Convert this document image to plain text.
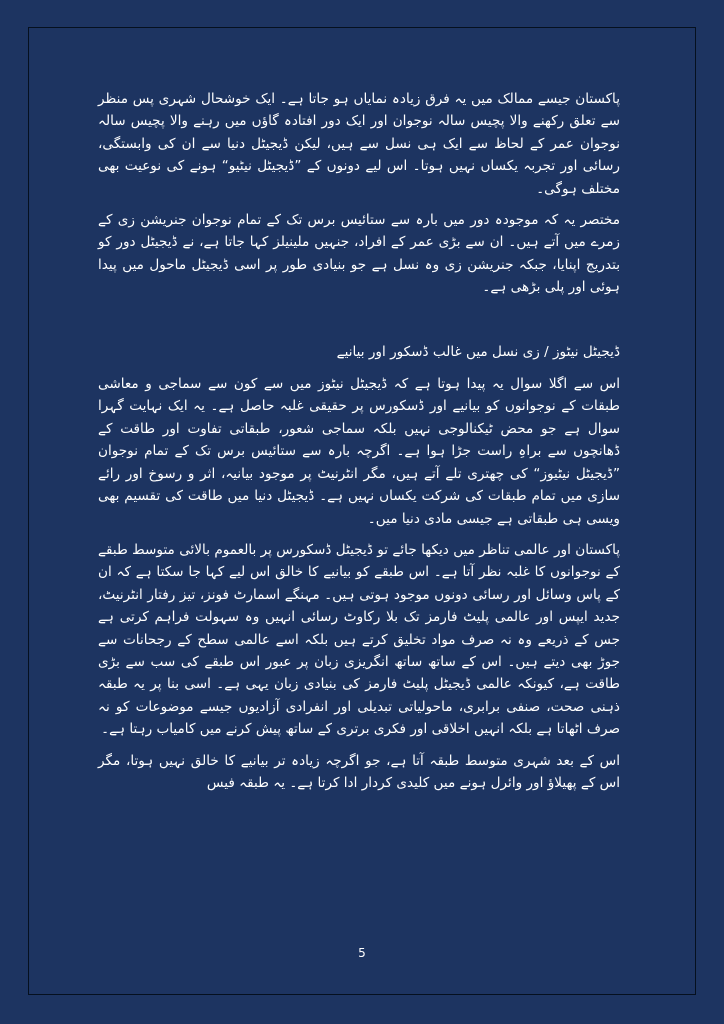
پاکستان جیسے ممالک میں یہ فرق زیادہ نمایاں ہو جاتا ہے۔ ایک خوشحال شہری پس منظر سے تعلق رکھنے والا پچیس سالہ نوجوان اور ایک دور افتادہ گاؤں میں رہنے والا پچیس سالہ نوجوان عمر کے لحاظ سے ایک ہی نسل سے ہیں، لیکن ڈیجیٹل دنیا سے ان کی وابستگی، رسائی اور تجربہ یکساں نہیں ہوتا۔ اس لیے دونوں کے ”ڈیجیٹل نیٹیو“ ہونے کی نوعیت بھی مختلف ہوگی۔

مختصر یہ کہ موجودہ دور میں بارہ سے ستائیس برس تک کے تمام نوجوان جنریشن زی کے زمرے میں آتے ہیں۔ ان سے بڑی عمر کے افراد، جنہیں ملینیلز کہا جاتا ہے، نے ڈیجیٹل دور کو بتدریج اپنایا، جبکہ جنریشن زی وہ نسل ہے جو بنیادی طور پر اسی ڈیجیٹل ماحول میں پیدا ہوئی اور پلی بڑھی ہے۔

ڈیجیٹل نیٹوز / زی نسل میں غالب ڈسکور اور بیانیے

اس سے اگلا سوال یہ پیدا ہوتا ہے کہ ڈیجیٹل نیٹوز میں سے کون سے سماجی و معاشی طبقات کے نوجوانوں کو بیانیے اور ڈسکورس پر حقیقی غلبہ حاصل ہے۔ یہ ایک نہایت گہرا سوال ہے جو محض ٹیکنالوجی نہیں بلکہ سماجی شعور، طبقاتی تفاوت اور طاقت کے ڈھانچوں سے براہِ راست جڑا ہوا ہے۔ اگرچہ بارہ سے ستائیس برس تک کے تمام نوجوان ”ڈیجیٹل نیٹیوز“ کی چھتری تلے آتے ہیں، مگر انٹرنیٹ پر موجود بیانیہ، اثر و رسوخ اور رائے سازی میں تمام طبقات کی شرکت یکساں نہیں ہے۔ ڈیجیٹل دنیا میں طاقت کی تقسیم بھی ویسی ہی طبقاتی ہے جیسی مادی دنیا میں۔

پاکستان اور عالمی تناظر میں دیکھا جائے تو ڈیجیٹل ڈسکورس پر بالعموم بالائی متوسط طبقے کے نوجوانوں کا غلبہ نظر آتا ہے۔ اس طبقے کو بیانیے کا خالق اس لیے کہا جا سکتا ہے کہ ان کے پاس وسائل اور رسائی دونوں موجود ہوتی ہیں۔ مہنگے اسمارٹ فونز، تیز رفتار انٹرنیٹ، جدید ایپس اور عالمی پلیٹ فارمز تک بلا رکاوٹ رسائی انہیں وہ سہولت فراہم کرتی ہے جس کے ذریعے وہ نہ صرف مواد تخلیق کرتے ہیں بلکہ اسے عالمی سطح کے رجحانات سے جوڑ بھی دیتے ہیں۔ اس کے ساتھ ساتھ انگریزی زبان پر عبور اس طبقے کی سب سے بڑی طاقت ہے، کیونکہ عالمی ڈیجیٹل پلیٹ فارمز کی بنیادی زبان یہی ہے۔ اسی بنا پر یہ طبقہ ذہنی صحت، صنفی برابری، ماحولیاتی تبدیلی اور انفرادی آزادیوں جیسے موضوعات کو نہ صرف اٹھاتا ہے بلکہ انہیں اخلاقی اور فکری برتری کے ساتھ پیش کرنے میں کامیاب رہتا ہے۔

اس کے بعد شہری متوسط طبقہ آتا ہے، جو اگرچہ زیادہ تر بیانیے کا خالق نہیں ہوتا، مگر اس کے پھیلاؤ اور وائرل ہونے میں کلیدی کردار ادا کرتا ہے۔ یہ طبقہ فیس

5
